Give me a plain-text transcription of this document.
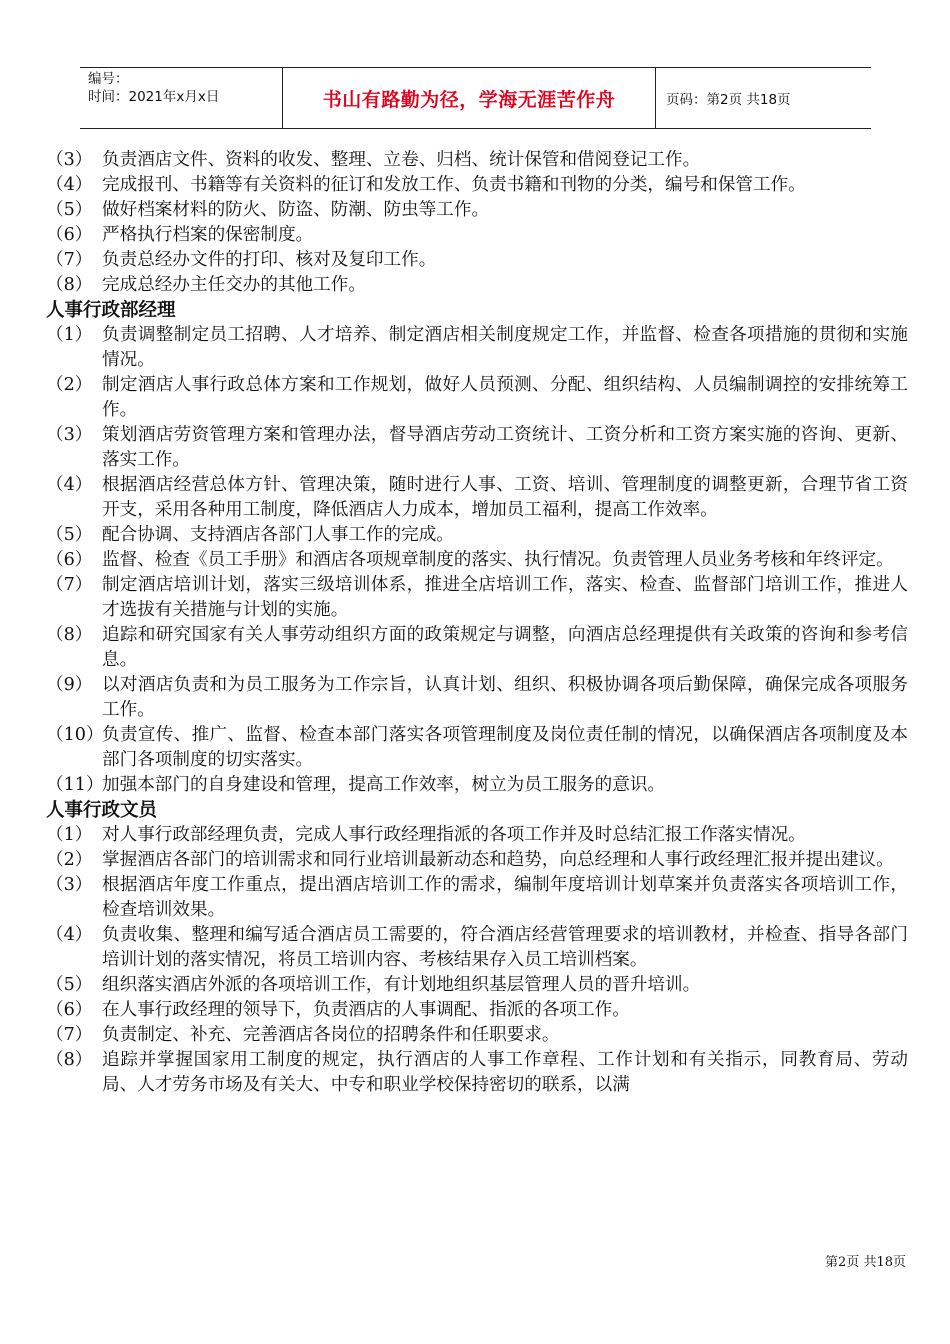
编号：
时间：2021年x月x日	书山有路勤为径，学海无涯苦作舟	页码：第2页 共18页
（3） 负责酒店文件、资料的收发、整理、立卷、归档、统计保管和借阅登记工作。
（4） 完成报刊、书籍等有关资料的征订和发放工作、负责书籍和刊物的分类，编号和保管工作。
（5） 做好档案材料的防火、防盗、防潮、防虫等工作。
（6） 严格执行档案的保密制度。
（7） 负责总经办文件的打印、核对及复印工作。
（8） 完成总经办主任交办的其他工作。
人事行政部经理
（1） 负责调整制定员工招聘、人才培养、制定酒店相关制度规定工作，并监督、检查各项措施的贯彻和实施情况。
（2） 制定酒店人事行政总体方案和工作规划，做好人员预测、分配、组织结构、人员编制调控的安排统筹工作。
（3） 策划酒店劳资管理方案和管理办法，督导酒店劳动工资统计、工资分析和工资方案实施的咨询、更新、落实工作。
（4） 根据酒店经营总体方针、管理决策，随时进行人事、工资、培训、管理制度的调整更新，合理节省工资开支，采用各种用工制度，降低酒店人力成本，增加员工福利，提高工作效率。
（5） 配合协调、支持酒店各部门人事工作的完成。
（6） 监督、检查《员工手册》和酒店各项规章制度的落实、执行情况。负责管理人员业务考核和年终评定。
（7） 制定酒店培训计划，落实三级培训体系，推进全店培训工作，落实、检查、监督部门培训工作，推进人才选拔有关措施与计划的实施。
（8） 追踪和研究国家有关人事劳动组织方面的政策规定与调整，向酒店总经理提供有关政策的咨询和参考信息。
（9） 以对酒店负责和为员工服务为工作宗旨，认真计划、组织、积极协调各项后勤保障，确保完成各项服务工作。
（10）
负责宣传、推广、监督、检查本部门落实各项管理制度及岗位责任制的情况，以确保酒店各项制度及本部门各项制度的切实落实。
（11）
加强本部门的自身建设和管理，提高工作效率，树立为员工服务的意识。
人事行政文员
（1） 对人事行政部经理负责，完成人事行政经理指派的各项工作并及时总结汇报工作落实情况。
（2） 掌握酒店各部门的培训需求和同行业培训最新动态和趋势，向总经理和人事行政经理汇报并提出建议。
（3） 根据酒店年度工作重点，提出酒店培训工作的需求，编制年度培训计划草案并负责落实各项培训工作，检查培训效果。
（4） 负责收集、整理和编写适合酒店员工需要的，符合酒店经营管理要求的培训教材，并检查、指导各部门培训计划的落实情况，将员工培训内容、考核结果存入员工培训档案。
（5） 组织落实酒店外派的各项培训工作，有计划地组织基层管理人员的晋升培训。
（6） 在人事行政经理的领导下，负责酒店的人事调配、指派的各项工作。
（7） 负责制定、补充、完善酒店各岗位的招聘条件和任职要求。
（8） 追踪并掌握国家用工制度的规定，执行酒店的人事工作章程、工作计划和有关指示，同教育局、劳动局、人才劳务市场及有关大、中专和职业学校保持密切的联系，以满
第2页 共18页
